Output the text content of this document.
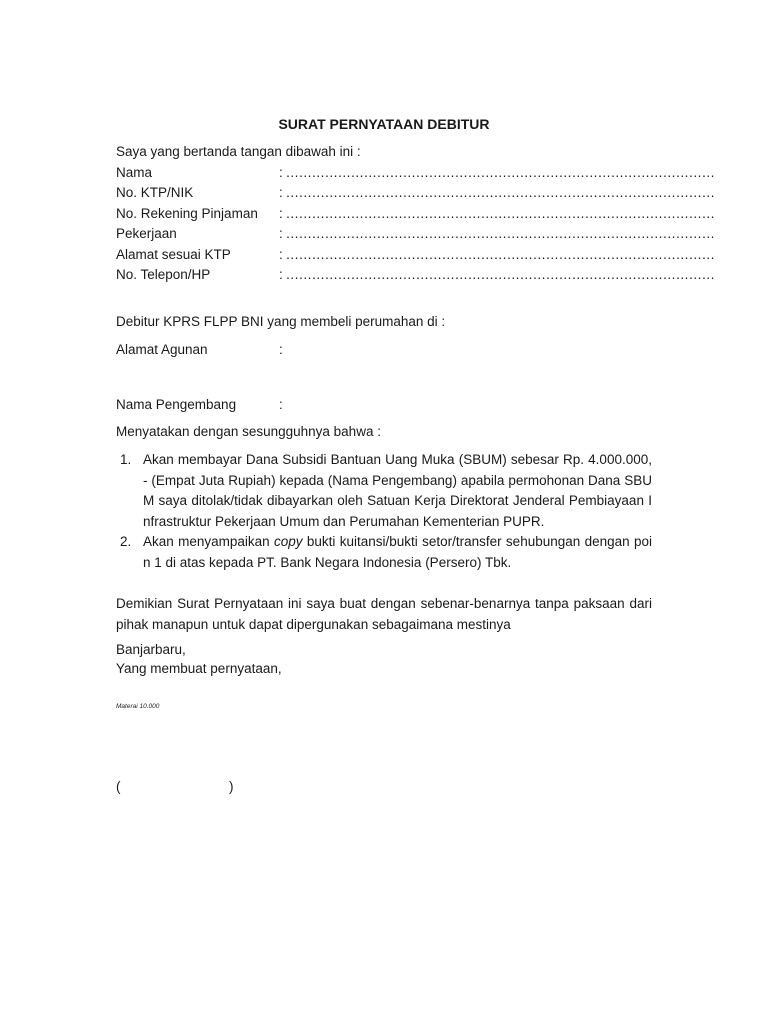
SURAT PERNYATAAN DEBITUR
Saya yang bertanda tangan dibawah ini :
Nama	: ………………………………………………………………………………………
No. KTP/NIK	: ………………………………………………………………………………………
No. Rekening Pinjaman	: ………………………………………………………………………………………
Pekerjaan	: ………………………………………………………………………………………
Alamat sesuai KTP	: ………………………………………………………………………………………
No. Telepon/HP	: ………………………………………………………………………………………
Debitur KPRS FLPP BNI yang membeli perumahan di :
Alamat Agunan	:
Nama Pengembang	:
Menyatakan dengan sesungguhnya bahwa :
1. Akan membayar Dana Subsidi Bantuan Uang Muka (SBUM) sebesar Rp. 4.000.000,- (Empat Juta Rupiah) kepada (Nama Pengembang) apabila permohonan Dana SBUM saya ditolak/tidak dibayarkan oleh Satuan Kerja Direktorat Jenderal Pembiayaan Infrastruktur Pekerjaan Umum dan Perumahan Kementerian PUPR.
2. Akan menyampaikan copy bukti kuitansi/bukti setor/transfer sehubungan dengan poin 1 di atas kepada PT. Bank Negara Indonesia (Persero) Tbk.
Demikian Surat Pernyataan ini saya buat dengan sebenar-benarnya tanpa paksaan dari pihak manapun untuk dapat dipergunakan sebagaimana mestinya
Banjarbaru,
Yang membuat pernyataan,
Materai 10.000
(	)
